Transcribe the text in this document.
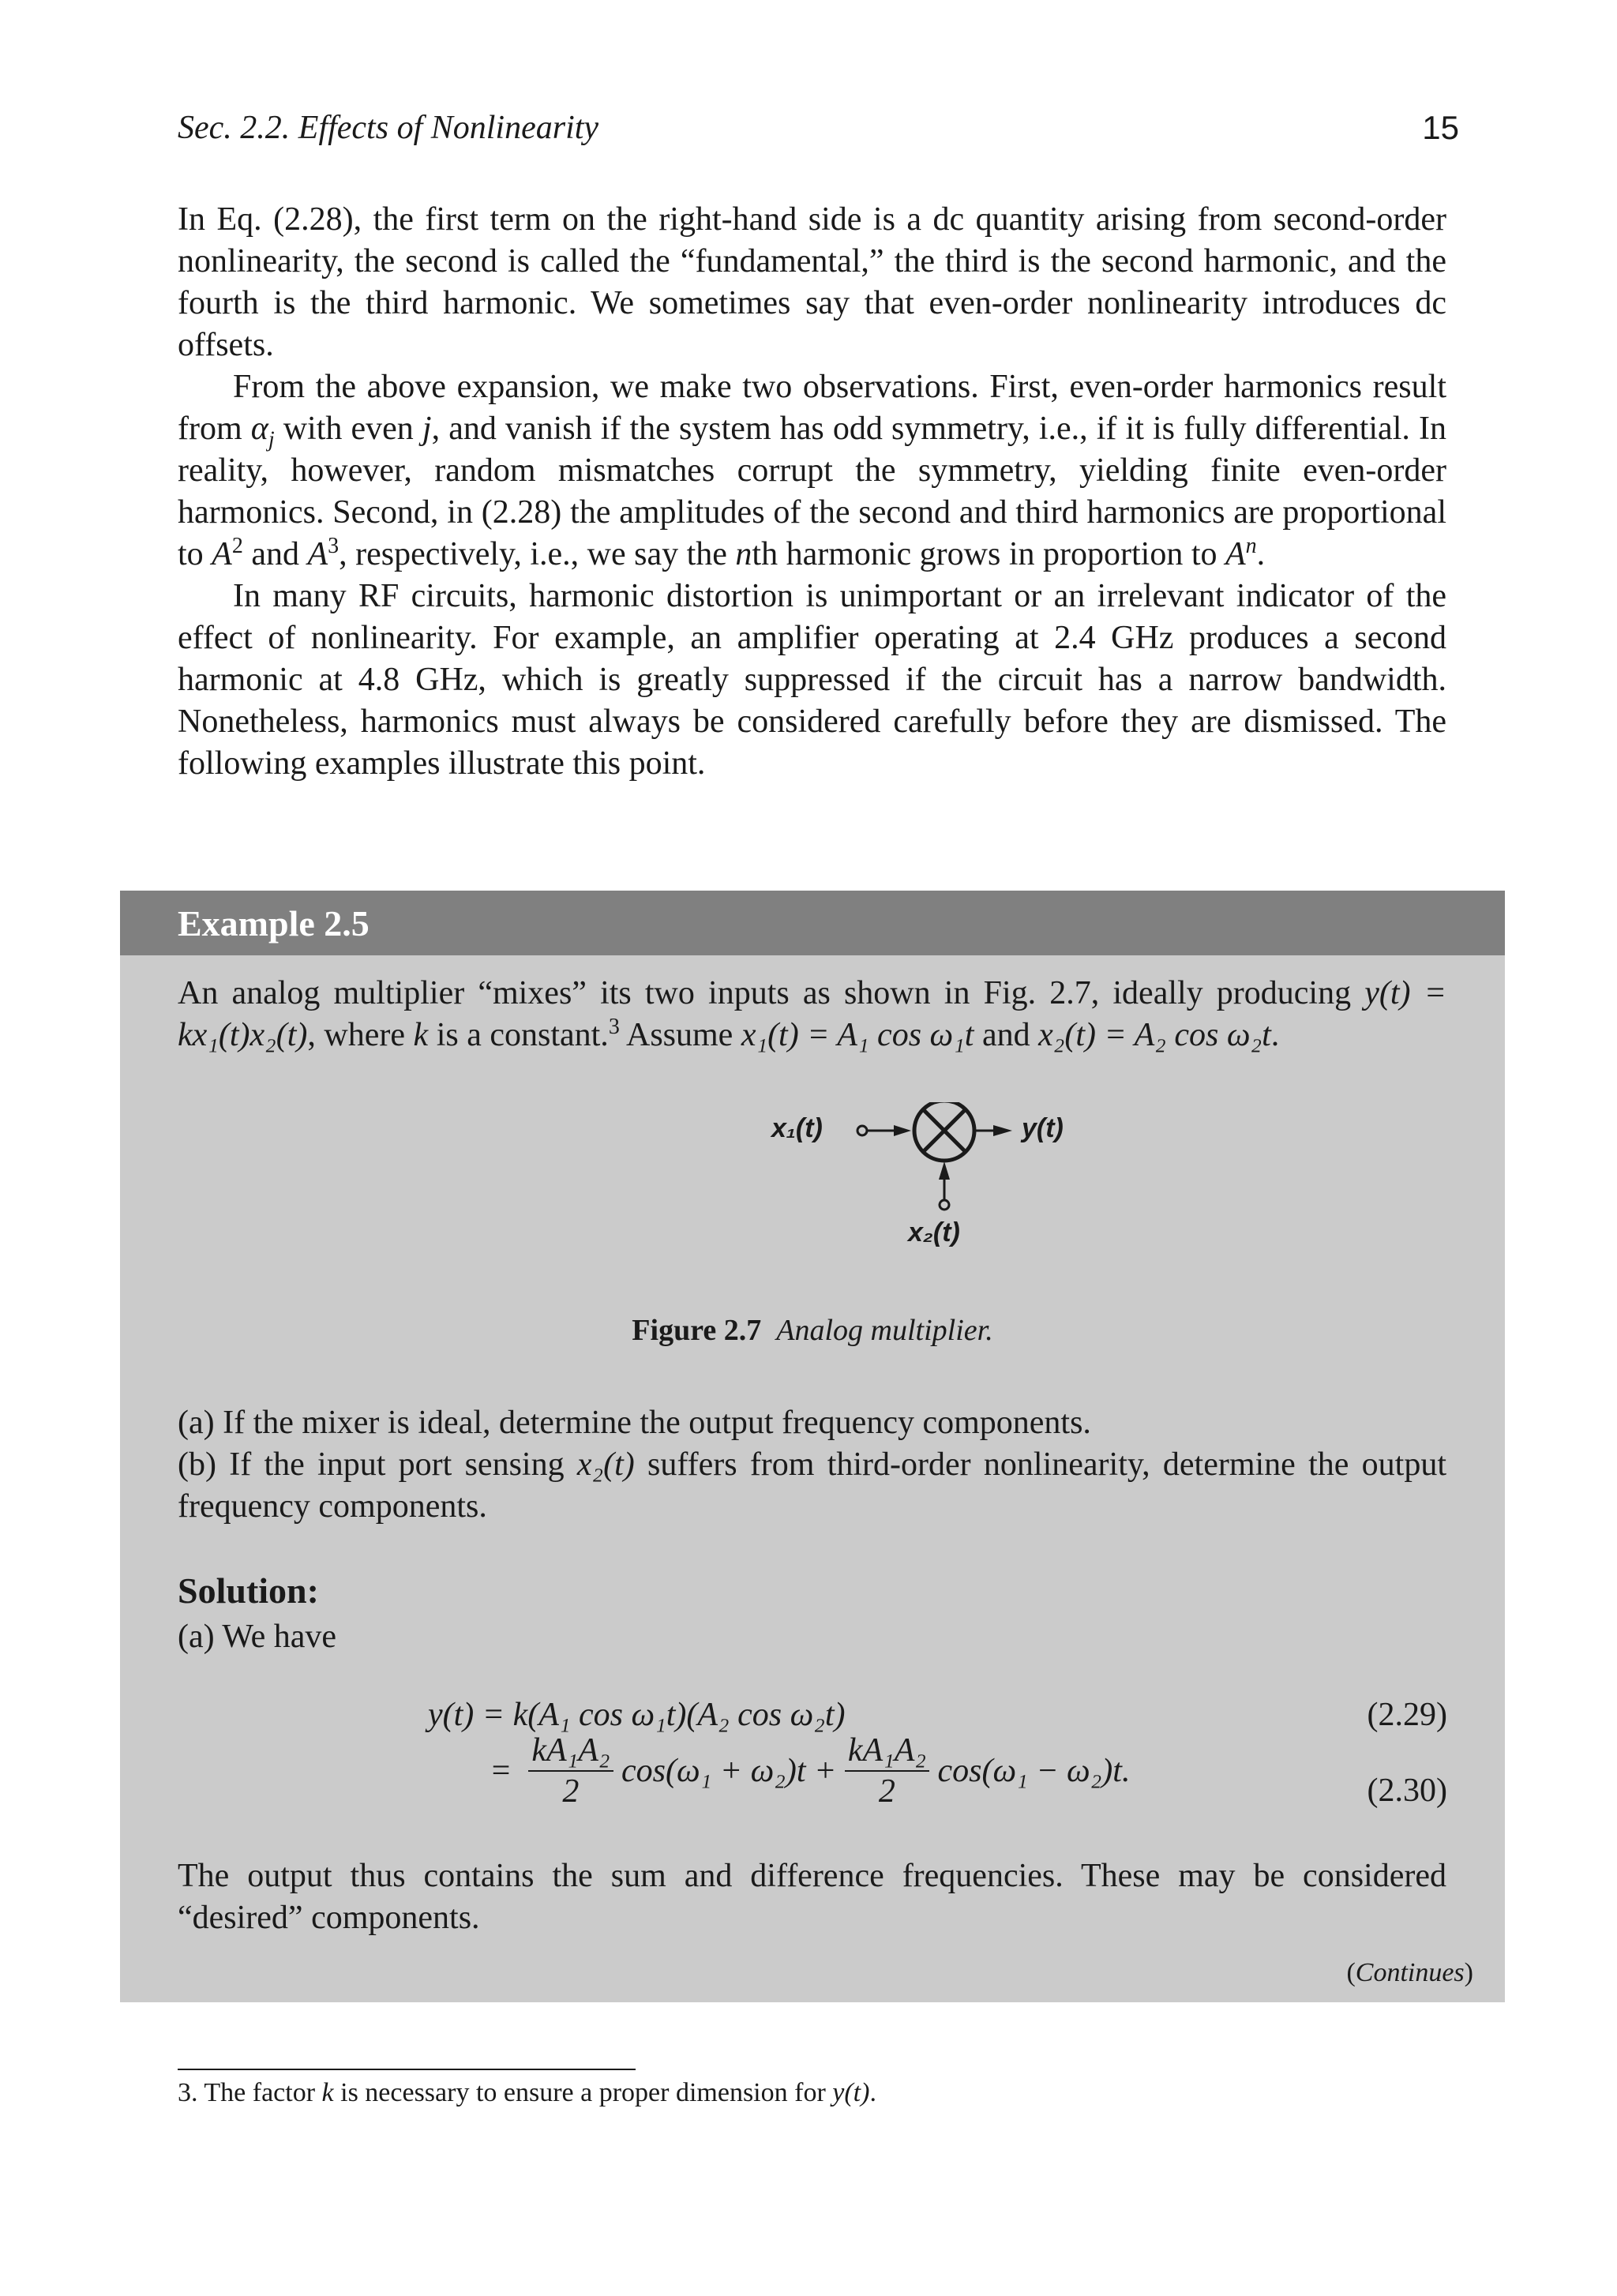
Sec. 2.2. Effects of Nonlinearity	15

In Eq. (2.28), the first term on the right-hand side is a dc quantity arising from second-order nonlinearity, the second is called the “fundamental,” the third is the second harmonic, and the fourth is the third harmonic. We sometimes say that even-order nonlinearity introduces dc offsets.

From the above expansion, we make two observations. First, even-order harmonics result from $\alpha_j$ with even j, and vanish if the system has odd symmetry, i.e., if it is fully differential. In reality, however, random mismatches corrupt the symmetry, yielding finite even-order harmonics. Second, in (2.28) the amplitudes of the second and third harmonics are proportional to $A^2$ and $A^3$, respectively, i.e., we say the nth harmonic grows in proportion to $A^n$.

In many RF circuits, harmonic distortion is unimportant or an irrelevant indicator of the effect of nonlinearity. For example, an amplifier operating at 2.4 GHz produces a second harmonic at 4.8 GHz, which is greatly suppressed if the circuit has a narrow bandwidth. Nonetheless, harmonics must always be considered carefully before they are dismissed. The following examples illustrate this point.

Example 2.5

An analog multiplier “mixes” its two inputs as shown in Fig. 2.7, ideally producing y(t) = kx₁(t)x₂(t), where k is a constant.$^3$ Assume x₁(t) = A₁ cos ω₁t and x₂(t) = A₂ cos ω₂t.

x₁(t)	y(t)
x₂(t)
Figure 2.7 Analog multiplier.

(a) If the mixer is ideal, determine the output frequency components.

(b) If the input port sensing x₂(t) suffers from third-order nonlinearity, determine the output frequency components.

Solution:

(a) We have

y(t) = k(A₁ cos ω₁t)(A₂ cos ω₂t)	(2.29)
= $\frac{\text{kA₁A₂}}{2} \cos(\omega_1 + \omega_2)t + \frac{\text{kA₁A₂}}{2} \cos(\omega_1 - \omega_2)t$.
(2.30)

The output thus contains the sum and difference frequencies. These may be considered “desired” components.

(Continues)
3. The factor k is necessary to ensure a proper dimension for y(t).
